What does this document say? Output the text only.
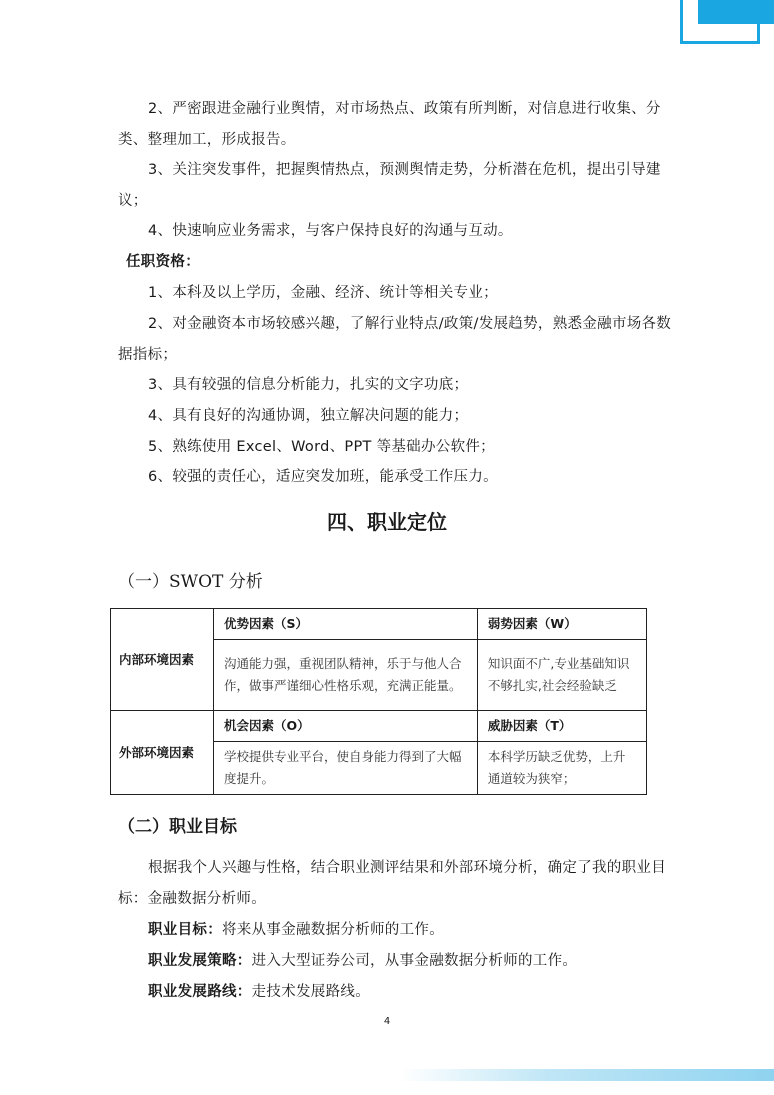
2、严密跟进金融行业舆情，对市场热点、政策有所判断，对信息进行收集、分类、整理加工，形成报告。
3、关注突发事件，把握舆情热点，预测舆情走势，分析潜在危机，提出引导建议；
4、快速响应业务需求，与客户保持良好的沟通与互动。
任职资格：
1、本科及以上学历，金融、经济、统计等相关专业；
2、对金融资本市场较感兴趣，了解行业特点/政策/发展趋势，熟悉金融市场各数据指标；
3、具有较强的信息分析能力，扎实的文字功底；
4、具有良好的沟通协调，独立解决问题的能力；
5、熟练使用 Excel、Word、PPT 等基础办公软件；
6、较强的责任心，适应突发加班，能承受工作压力。
四、职业定位
（一）SWOT 分析
内部环境因素	优势因素（S）	弱势因素（W）
	沟通能力强，重视团队精神，乐于与他人合作，做事严谨细心性格乐观，充满正能量。	知识面不广,专业基础知识不够扎实,社会经验缺乏
外部环境因素	机会因素（O）	威胁因素（T）
	学校提供专业平台，使自身能力得到了大幅度提升。	本科学历缺乏优势，上升通道较为狭窄；
（二）职业目标
根据我个人兴趣与性格，结合职业测评结果和外部环境分析，确定了我的职业目标：金融数据分析师。
职业目标：将来从事金融数据分析师的工作。
职业发展策略：进入大型证券公司，从事金融数据分析师的工作。
职业发展路线：走技术发展路线。
4
